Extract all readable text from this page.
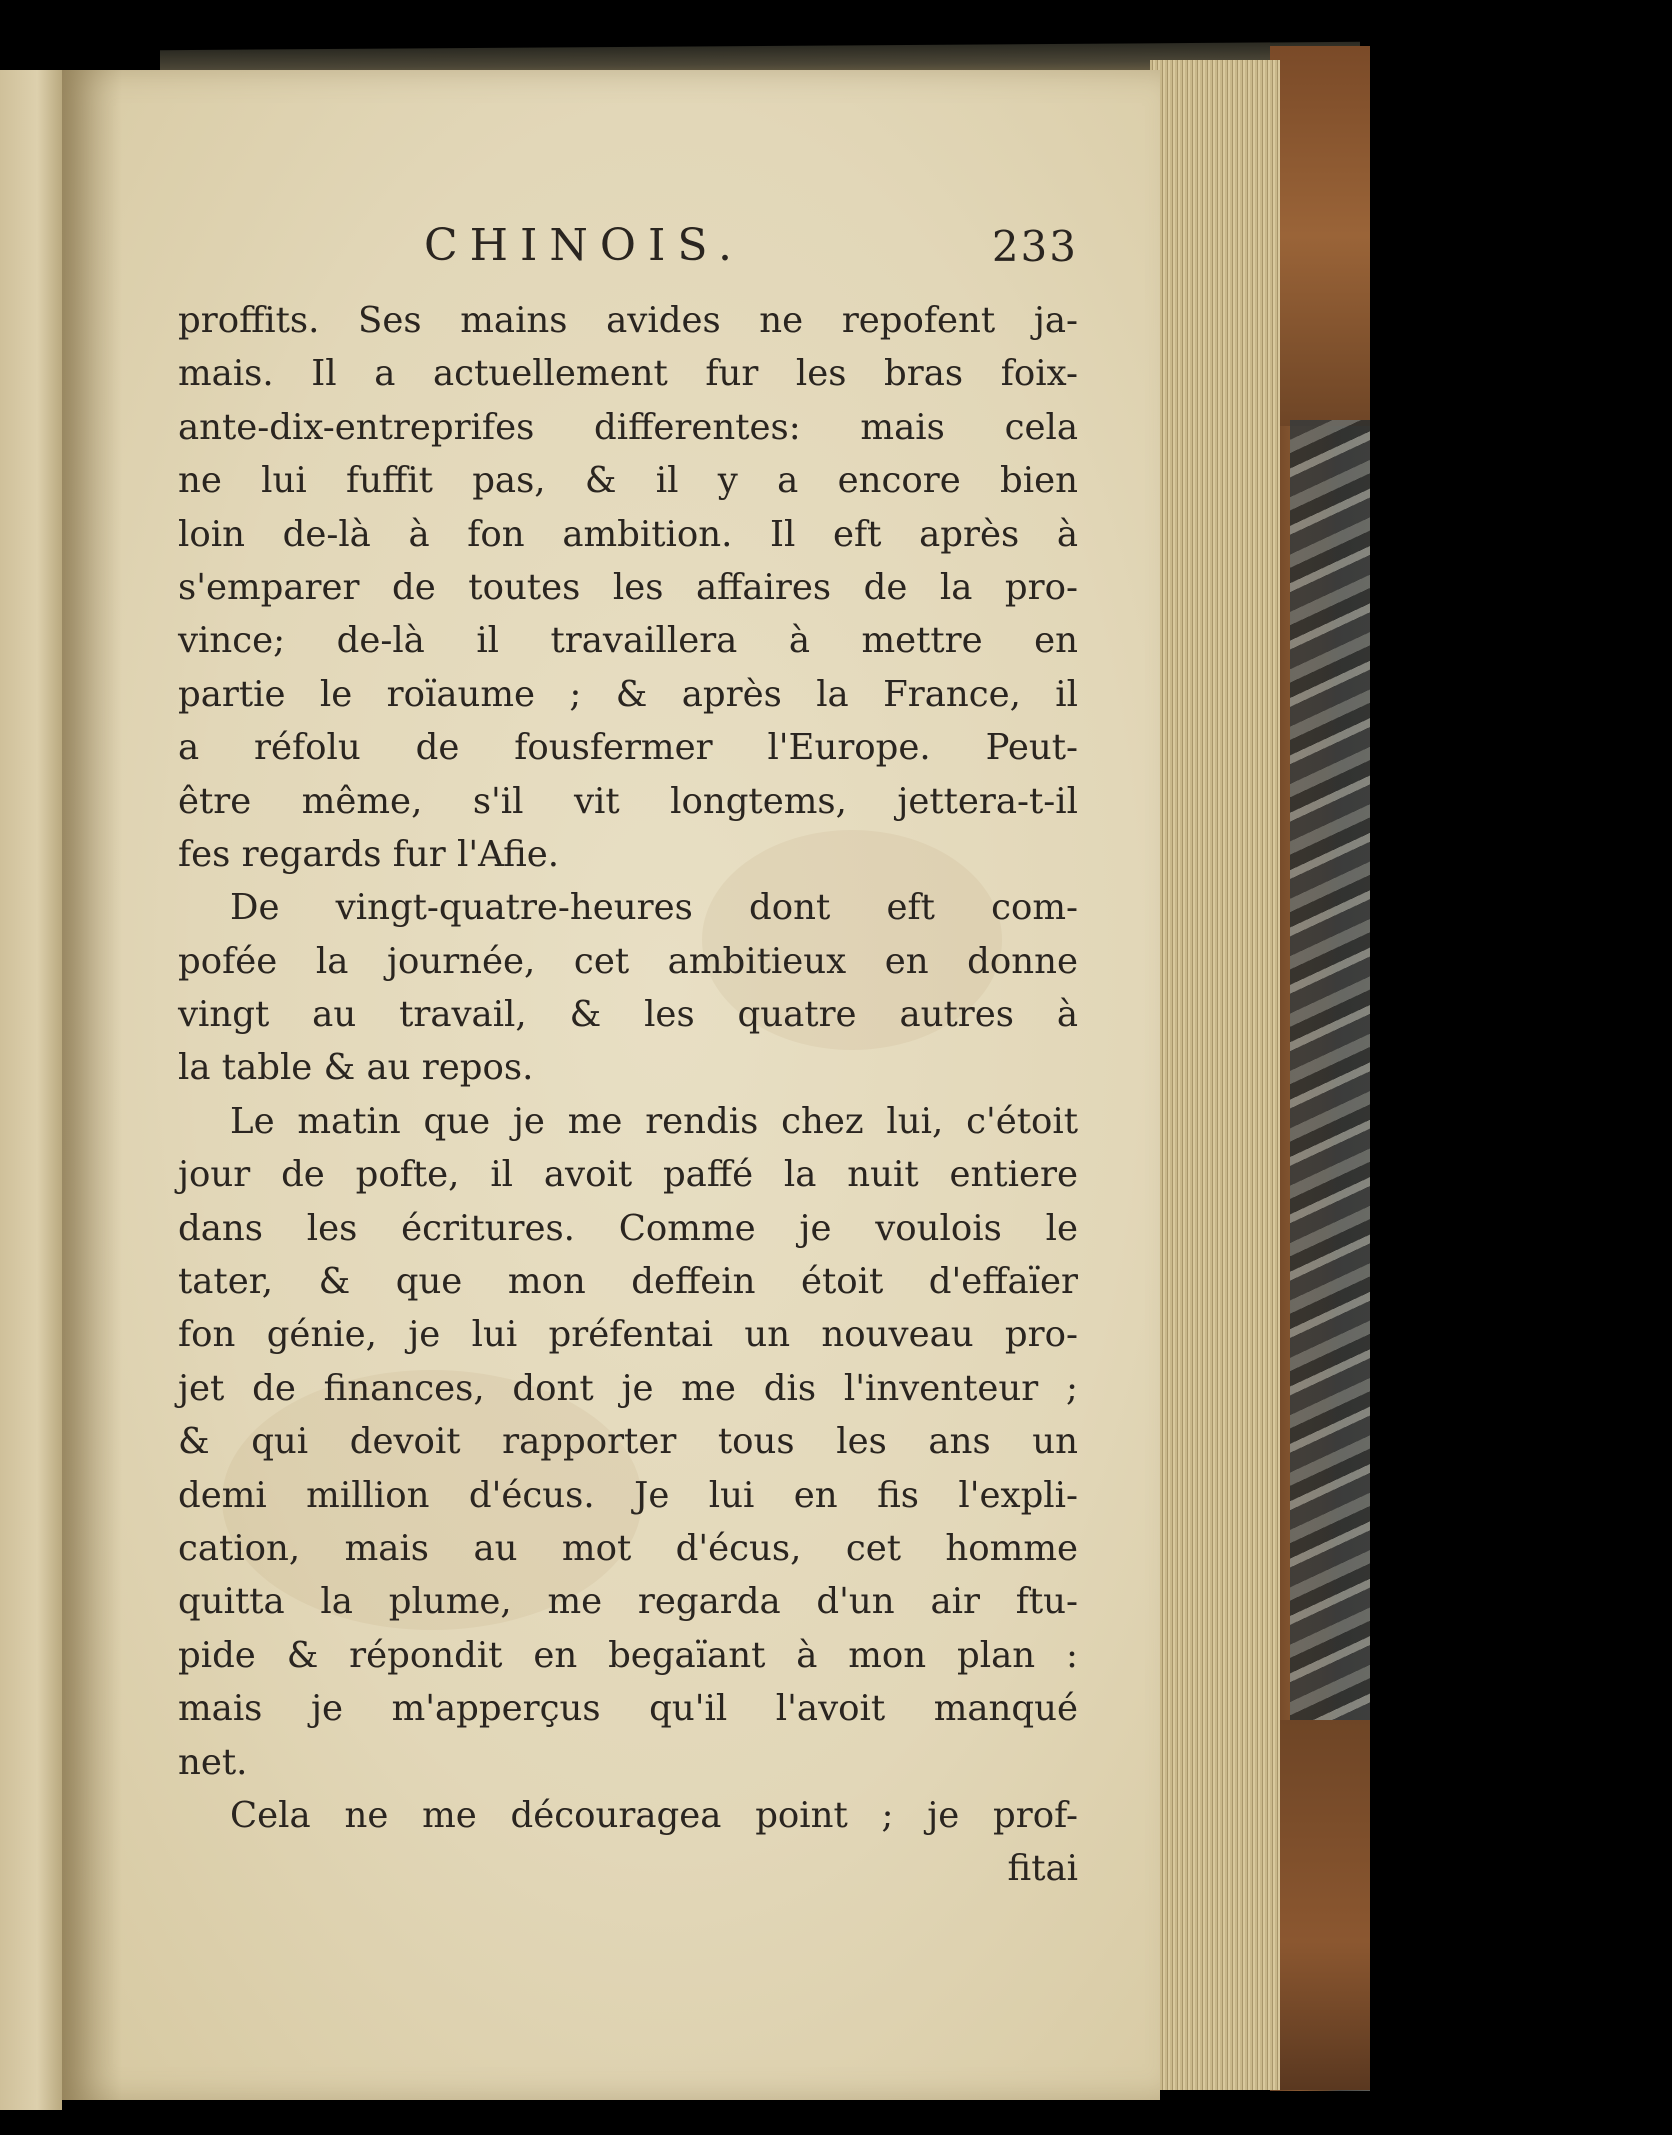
CHINOIS.	233
proffits. Ses mains avides ne repofent ja-
mais. Il a actuellement fur les bras foix-
ante-dix-entreprifes differentes: mais cela
ne lui fuffit pas, & il y a encore bien
loin de-là à fon ambition. Il eft après à
s'emparer de toutes les affaires de la pro-
vince; de-là il travaillera à mettre en
partie le roïaume ; & après la France, il
a réfolu de fousfermer l'Europe. Peut-
être même, s'il vit longtems, jettera-t-il
fes regards fur l'Afie.
De vingt-quatre-heures dont eft com-
pofée la journée, cet ambitieux en donne
vingt au travail, & les quatre autres à
la table & au repos.
Le matin que je me rendis chez lui, c'étoit
jour de pofte, il avoit paffé la nuit entiere
dans les écritures. Comme je voulois le
tater, & que mon deffein étoit d'effaïer
fon génie, je lui préfentai un nouveau pro-
jet de finances, dont je me dis l'inventeur ;
& qui devoit rapporter tous les ans un
demi million d'écus. Je lui en fis l'expli-
cation, mais au mot d'écus, cet homme
quitta la plume, me regarda d'un air ftu-
pide & répondit en begaïant à mon plan :
mais je m'apperçus qu'il l'avoit manqué
net.
Cela ne me découragea point ; je prof-
fitai
